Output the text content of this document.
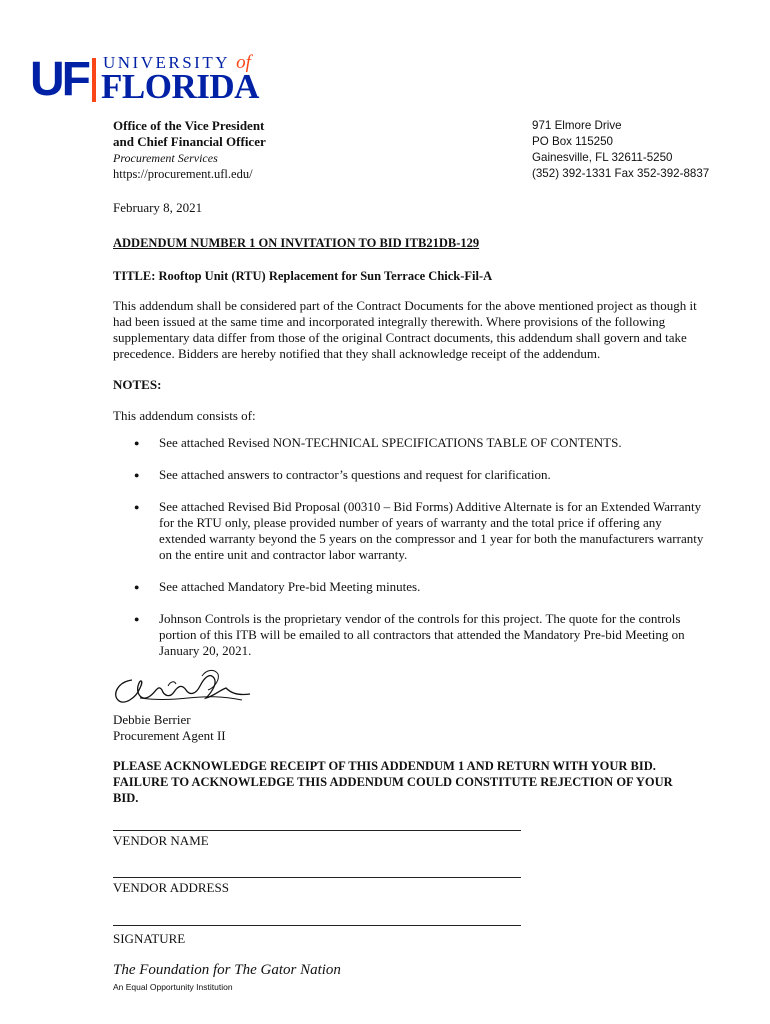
UF UNIVERSITY of
FLORIDA
Office of the Vice President
and Chief Financial Officer
Procurement Services
https://procurement.ufl.edu/
971 Elmore Drive
PO Box 115250
Gainesville, FL 32611-5250
(352) 392-1331 Fax 352-392-8837
February 8, 2021
ADDENDUM NUMBER 1 ON INVITATION TO BID ITB21DB-129
TITLE: Rooftop Unit (RTU) Replacement for Sun Terrace Chick-Fil-A
This addendum shall be considered part of the Contract Documents for the above mentioned project as though it
had been issued at the same time and incorporated integrally therewith. Where provisions of the following
supplementary data differ from those of the original Contract documents, this addendum shall govern and take
precedence. Bidders are hereby notified that they shall acknowledge receipt of the addendum.
NOTES:
This addendum consists of:
● See attached Revised NON-TECHNICAL SPECIFICATIONS TABLE OF CONTENTS.
● See attached answers to contractor’s questions and request for clarification.
● See attached Revised Bid Proposal (00310 – Bid Forms) Additive Alternate is for an Extended Warranty
for the RTU only, please provided number of years of warranty and the total price if offering any
extended warranty beyond the 5 years on the compressor and 1 year for both the manufacturers warranty
on the entire unit and contractor labor warranty.
● See attached Mandatory Pre-bid Meeting minutes.
● Johnson Controls is the proprietary vendor of the controls for this project. The quote for the controls
portion of this ITB will be emailed to all contractors that attended the Mandatory Pre-bid Meeting on
January 20, 2021.
Debbie Berrier
Procurement Agent II
PLEASE ACKNOWLEDGE RECEIPT OF THIS ADDENDUM 1 AND RETURN WITH YOUR BID.
FAILURE TO ACKNOWLEDGE THIS ADDENDUM COULD CONSTITUTE REJECTION OF YOUR
BID.
VENDOR NAME
VENDOR ADDRESS
SIGNATURE
The Foundation for The Gator Nation
An Equal Opportunity Institution
